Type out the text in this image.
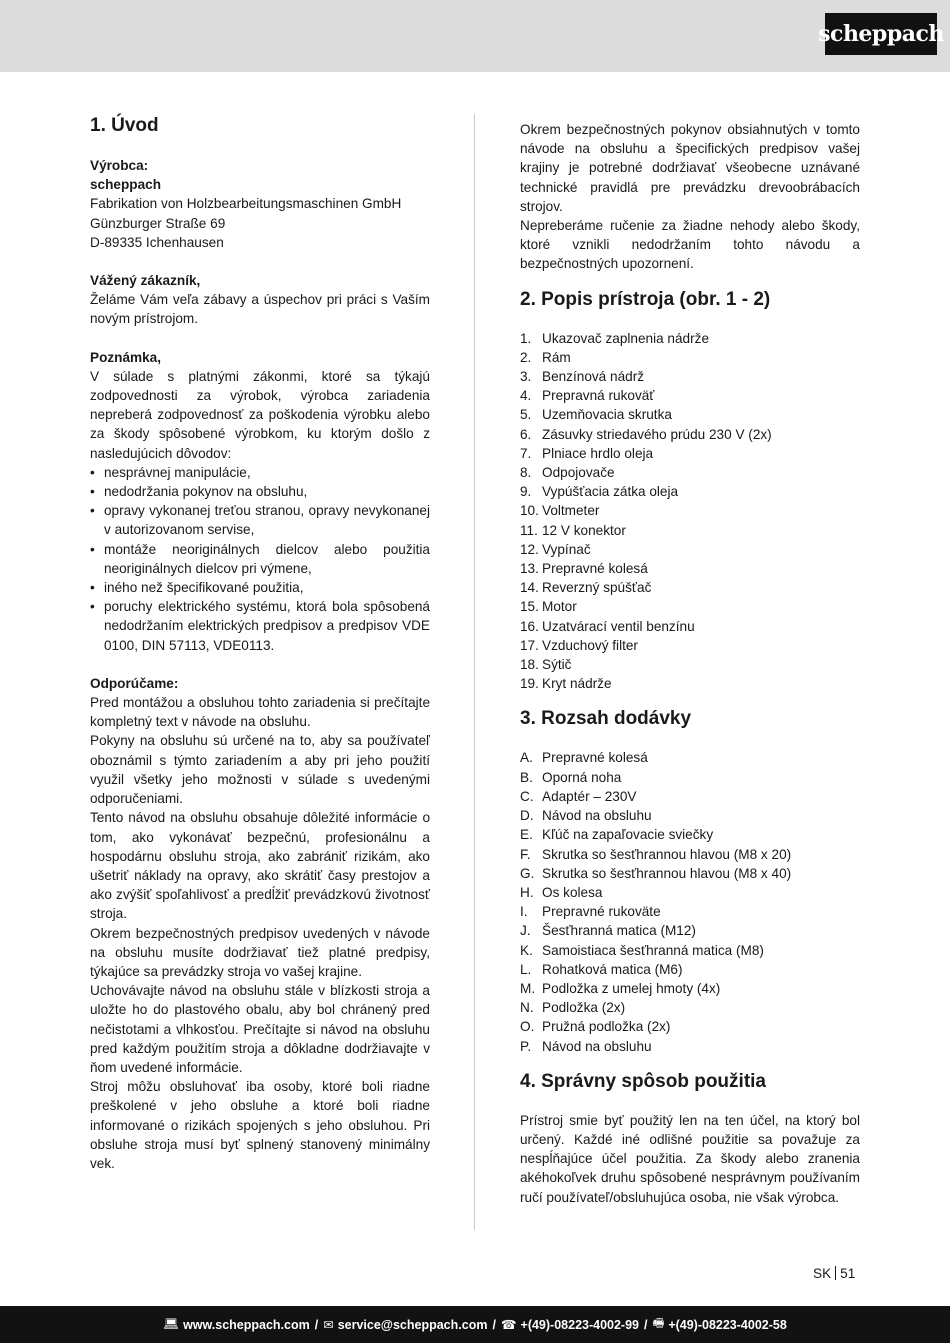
scheppach
1. Úvod

Výrobca:

scheppach

Fabrikation von Holzbearbeitungsmaschinen GmbH

Günzburger Straße 69

D-89335 Ichenhausen

Vážený zákazník,

Želáme Vám veľa zábavy a úspechov pri práci s Vaším novým prístrojom.

Poznámka,

V súlade s platnými zákonmi, ktoré sa týkajú zodpovednosti za výrobok, výrobca zariadenia nepreberá zodpovednosť za poškodenia výrobku alebo za škody spôsobené výrobkom, ku ktorým došlo z nasledujúcich dôvodov:

• nesprávnej manipulácie,
• nedodržania pokynov na obsluhu,
• opravy vykonanej treťou stranou, opravy nevykonanej v autorizovanom servise,
• montáže neoriginálnych dielcov alebo použitia neoriginálnych dielcov pri výmene,
• iného než špecifikované použitia,
• poruchy elektrického systému, ktorá bola spôsobená nedodržaním elektrických predpisov a predpisov VDE 0100, DIN 57113, VDE0113.

Odporúčame:

Pred montážou a obsluhou tohto zariadenia si prečítajte kompletný text v návode na obsluhu.

Pokyny na obsluhu sú určené na to, aby sa používateľ oboznámil s týmto zariadením a aby pri jeho použití využil všetky jeho možnosti v súlade s uvedenými odporučeniami.

Tento návod na obsluhu obsahuje dôležité informácie o tom, ako vykonávať bezpečnú, profesionálnu a hospodárnu obsluhu stroja, ako zabrániť rizikám, ako ušetriť náklady na opravy, ako skrátiť časy prestojov a ako zvýšiť spoľahlivosť a predĺžiť prevádzkovú životnosť stroja.

Okrem bezpečnostných predpisov uvedených v návode na obsluhu musíte dodržiavať tiež platné predpisy, týkajúce sa prevádzky stroja vo vašej krajine.

Uchovávajte návod na obsluhu stále v blízkosti stroja a uložte ho do plastového obalu, aby bol chránený pred nečistotami a vlhkosťou. Prečítajte si návod na obsluhu pred každým použitím stroja a dôkladne dodržiavajte v ňom uvedené informácie.

Stroj môžu obsluhovať iba osoby, ktoré boli riadne preškolené v jeho obsluhe a ktoré boli riadne informované o rizikách spojených s jeho obsluhou. Pri obsluhe stroja musí byť splnený stanovený minimálny vek.

Okrem bezpečnostných pokynov obsiahnutých v tomto návode na obsluhu a špecifických predpisov vašej krajiny je potrebné dodržiavať všeobecne uznávané technické pravidlá pre prevádzku drevoobrábacích strojov.

Nepreberáme ručenie za žiadne nehody alebo škody, ktoré vznikli nedodržaním tohto návodu a bezpečnostných upozornení.

2. Popis prístroja (obr. 1 - 2)
1. Ukazovač zaplnenia nádrže
2. Rám
3. Benzínová nádrž
4. Prepravná rukoväť
5. Uzemňovacia skrutka
6. Zásuvky striedavého prúdu 230 V (2x)
7. Plniace hrdlo oleja
8. Odpojovače
9. Vypúšťacia zátka oleja
10. Voltmeter
11. 12 V konektor
12. Vypínač
13. Prepravné kolesá
14. Reverzný spúšťač
15. Motor
16. Uzatvárací ventil benzínu
17. Vzduchový filter
18. Sýtič
19. Kryt nádrže
3. Rozsah dodávky
A. Prepravné kolesá
B. Oporná noha
C. Adaptér – 230V
D. Návod na obsluhu
E. Kľúč na zapaľovacie sviečky
F. Skrutka so šesťhrannou hlavou (M8 x 20)
G. Skrutka so šesťhrannou hlavou (M8 x 40)
H. Os kolesa
I.	Prepravné rukoväte
J. Šesťhranná matica (M12)
K. Samoistiaca šesťhranná matica (M8)
L. Rohatková matica (M6)
M. Podložka z umelej hmoty (4x)
N. Podložka (2x)
O. Pružná podložka (2x)
P. Návod na obsluhu
4. Správny spôsob použitia

Prístroj smie byť použitý len na ten účel, na ktorý bol určený. Každé iné odlišné použitie sa považuje za nespĺňajúce účel použitia. Za škody alebo zranenia akéhokoľvek druhu spôsobené nesprávnym používaním ručí používateľ/obsluhujúca osoba, nie však výrobca.

SK 51
💻︎ www.scheppach.com / ✉︎ service@scheppach.com / ☎︎ +(49)-08223-4002-99 / 🖷︎ +(49)-08223-4002-58
